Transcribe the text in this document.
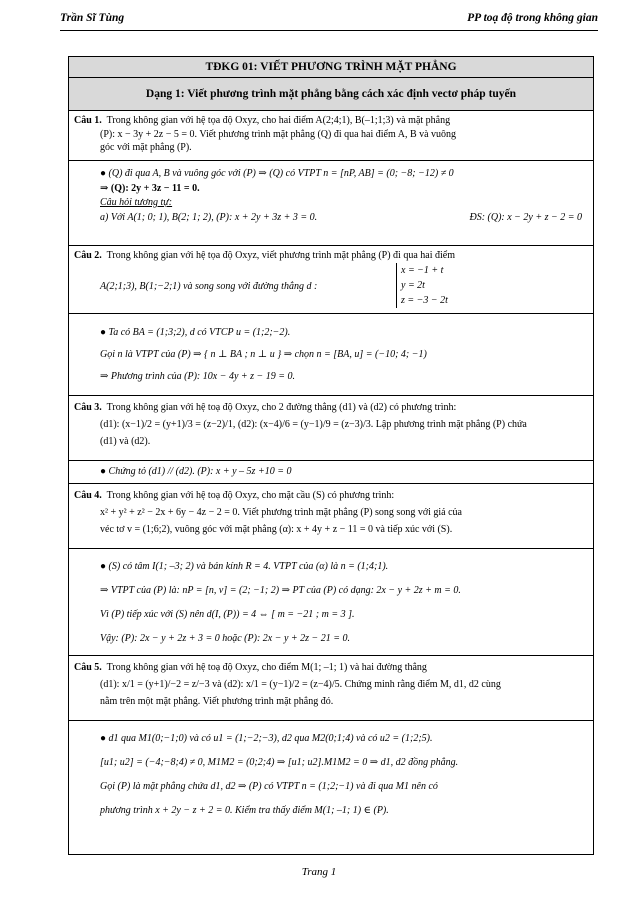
Trần Sĩ Tùng	PP toạ độ trong không gian
TĐKG 01: VIẾT PHƯƠNG TRÌNH MẶT PHẲNG
Dạng 1: Viết phương trình mặt phẳng bằng cách xác định vectơ pháp tuyến
Câu 1. Trong không gian với hệ tọa độ Oxyz, cho hai điểm A(2;4;1), B(–1;1;3) và mặt phẳng
(P): x − 3y + 2z − 5 = 0. Viết phương trình mặt phẳng (Q) đi qua hai điểm A, B và vuông
góc với mặt phẳng (P).
● (Q) đi qua A, B và vuông góc với (P) ⇒ (Q) có VTPT n = [nP, AB] = (0; −8; −12) ≠ 0
⇒ (Q): 2y + 3z − 11 = 0.
Câu hỏi tương tự:
a) Với A(1; 0; 1), B(2; 1; 2), (P): x + 2y + 3z + 3 = 0.	ĐS: (Q): x − 2y + z − 2 = 0
Câu 2. Trong không gian với hệ tọa độ Oxyz, viết phương trình mặt phẳng (P) đi qua hai điểm
A(2;1;3), B(1;−2;1) và song song với đường thẳng d :
x = −1 + t
y = 2t
z = −3 − 2t
● Ta có BA = (1;3;2), d có VTCP u = (1;2;−2).
Gọi n là VTPT của (P) ⇒ { n ⊥ BA ; n ⊥ u } ⇒ chọn n = [BA, u] = (−10; 4; −1)
⇒ Phương trình của (P): 10x − 4y + z − 19 = 0.
Câu 3. Trong không gian với hệ toạ độ Oxyz, cho 2 đường thẳng (d1) và (d2) có phương trình:
(d1): (x−1)/2 = (y+1)/3 = (z−2)/1, (d2): (x−4)/6 = (y−1)/9 = (z−3)/3. Lập phương trình mặt phẳng (P) chứa
(d1) và (d2).
● Chứng tỏ (d1) // (d2). (P): x + y – 5z +10 = 0
Câu 4. Trong không gian với hệ toạ độ Oxyz, cho mặt cầu (S) có phương trình:
x² + y² + z² − 2x + 6y − 4z − 2 = 0. Viết phương trình mặt phẳng (P) song song với giá của
véc tơ v = (1;6;2), vuông góc với mặt phẳng (α): x + 4y + z − 11 = 0 và tiếp xúc với (S).
● (S) có tâm I(1; –3; 2) và bán kính R = 4. VTPT của (α) là n = (1;4;1).
⇒ VTPT của (P) là: nP = [n, v] = (2; −1; 2) ⇒ PT của (P) có dạng: 2x − y + 2z + m = 0.
Vì (P) tiếp xúc với (S) nên d(I, (P)) = 4 ⇔ [ m = −21 ; m = 3 ].
Vậy: (P): 2x − y + 2z + 3 = 0 hoặc (P): 2x − y + 2z − 21 = 0.
Câu 5. Trong không gian với hệ toạ độ Oxyz, cho điểm M(1; –1; 1) và hai đường thẳng
(d1): x/1 = (y+1)/−2 = z/−3 và (d2): x/1 = (y−1)/2 = (z−4)/5. Chứng minh rằng điểm M, d1, d2 cùng
nằm trên một mặt phẳng. Viết phương trình mặt phẳng đó.
● d1 qua M1(0;−1;0) và có u1 = (1;−2;−3), d2 qua M2(0;1;4) và có u2 = (1;2;5).
[u1; u2] = (−4;−8;4) ≠ 0, M1M2 = (0;2;4) ⇒ [u1; u2].M1M2 = 0 ⇒ d1, d2 đồng phẳng.
Gọi (P) là mặt phẳng chứa d1, d2 ⇒ (P) có VTPT n = (1;2;−1) và đi qua M1 nên có
phương trình x + 2y − z + 2 = 0. Kiểm tra thấy điểm M(1; –1; 1) ∈ (P).
Trang 1
